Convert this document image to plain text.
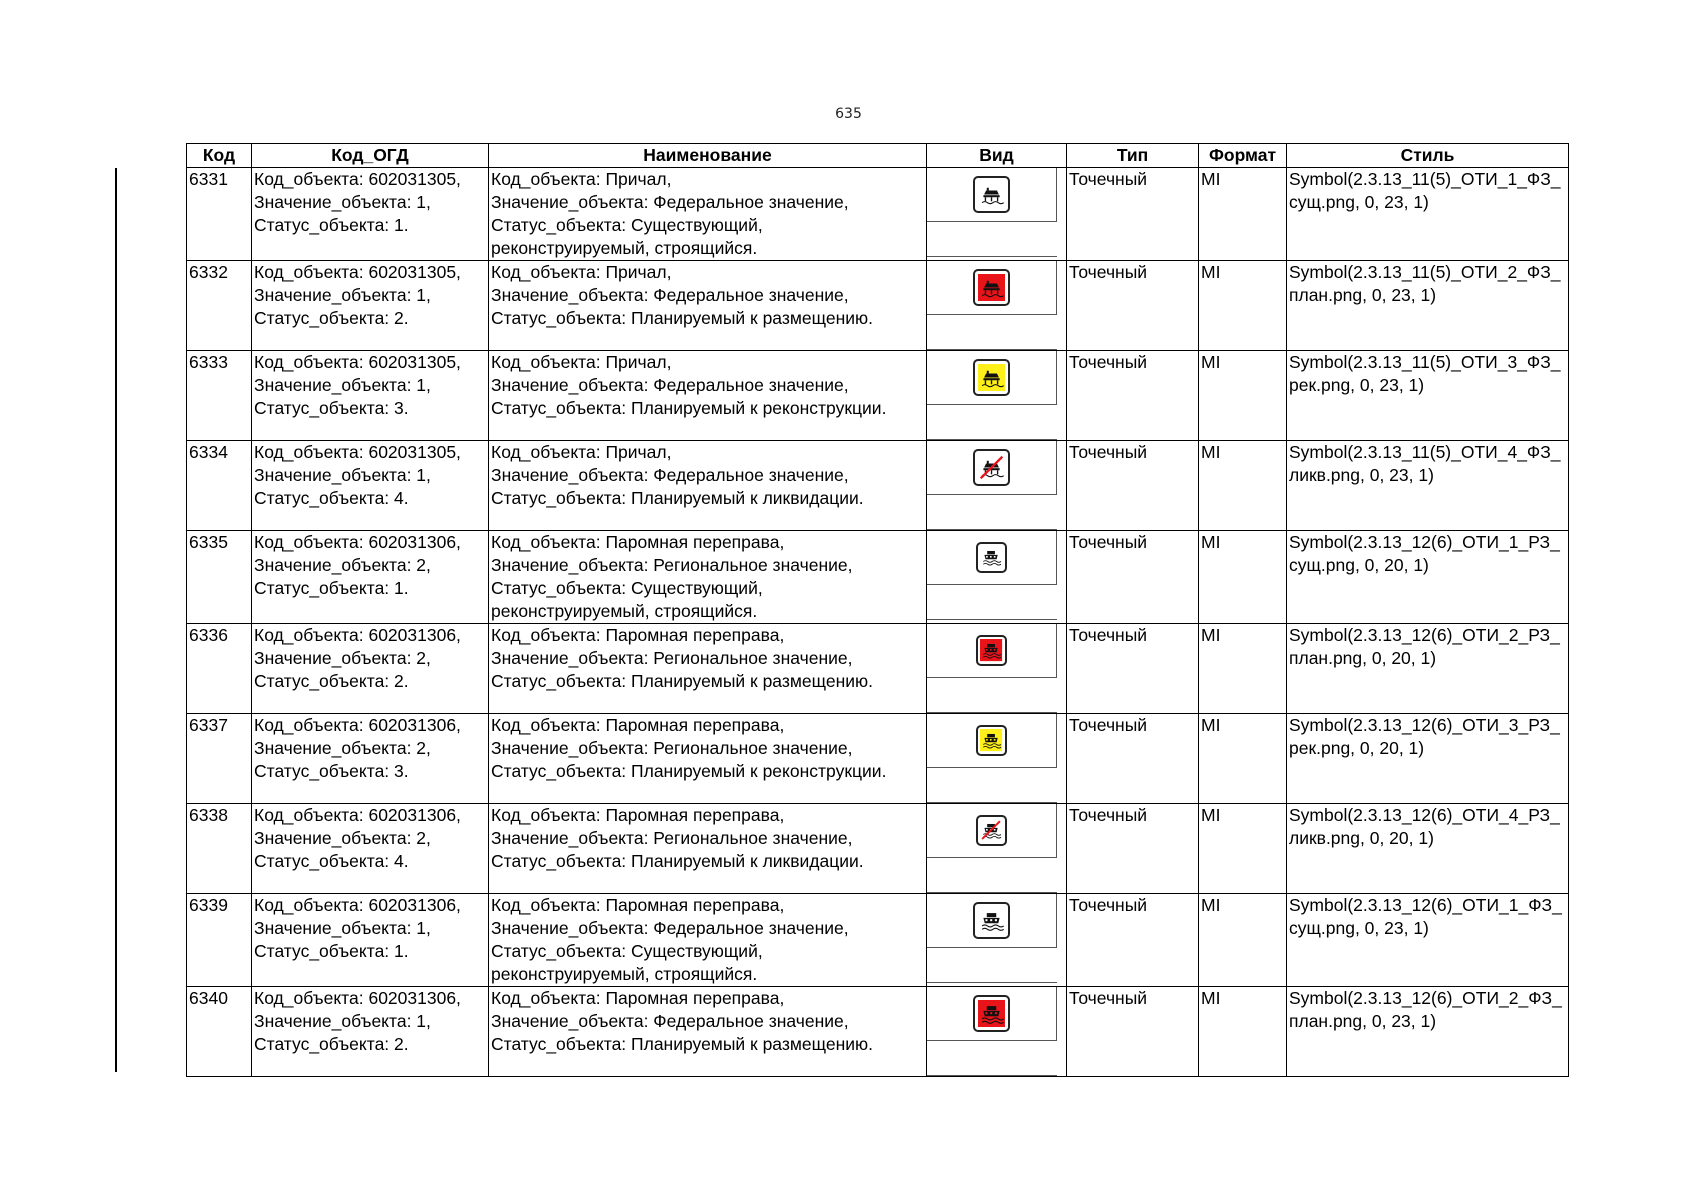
635
Код	Код_ОГД	Наименование	Вид	Тип	Формат	Стиль
6331	Код_объекта: 602031305,
Значение_объекта: 1,
Статус_объекта: 1.	Код_объекта: Причал,
Значение_объекта: Федеральное значение,
Статус_объекта: Существующий,
реконструируемый, строящийся.		Точечный	MI	Symbol(2.3.13_11(5)_ОТИ_1_ФЗ_сущ.png, 0, 23, 1)
6332	Код_объекта: 602031305,
Значение_объекта: 1,
Статус_объекта: 2.	Код_объекта: Причал,
Значение_объекта: Федеральное значение,
Статус_объекта: Планируемый к размещению.		Точечный	MI	Symbol(2.3.13_11(5)_ОТИ_2_ФЗ_план.png, 0, 23, 1)
6333	Код_объекта: 602031305,
Значение_объекта: 1,
Статус_объекта: 3.	Код_объекта: Причал,
Значение_объекта: Федеральное значение,
Статус_объекта: Планируемый к реконструкции.		Точечный	MI	Symbol(2.3.13_11(5)_ОТИ_3_ФЗ_рек.png, 0, 23, 1)
6334	Код_объекта: 602031305,
Значение_объекта: 1,
Статус_объекта: 4.	Код_объекта: Причал,
Значение_объекта: Федеральное значение,
Статус_объекта: Планируемый к ликвидации.		Точечный	MI	Symbol(2.3.13_11(5)_ОТИ_4_ФЗ_ликв.png, 0, 23, 1)
6335	Код_объекта: 602031306,
Значение_объекта: 2,
Статус_объекта: 1.	Код_объекта: Паромная переправа,
Значение_объекта: Региональное значение,
Статус_объекта: Существующий,
реконструируемый, строящийся.		Точечный	MI	Symbol(2.3.13_12(6)_ОТИ_1_РЗ_сущ.png, 0, 20, 1)
6336	Код_объекта: 602031306,
Значение_объекта: 2,
Статус_объекта: 2.	Код_объекта: Паромная переправа,
Значение_объекта: Региональное значение,
Статус_объекта: Планируемый к размещению.		Точечный	MI	Symbol(2.3.13_12(6)_ОТИ_2_РЗ_план.png, 0, 20, 1)
6337	Код_объекта: 602031306,
Значение_объекта: 2,
Статус_объекта: 3.	Код_объекта: Паромная переправа,
Значение_объекта: Региональное значение,
Статус_объекта: Планируемый к реконструкции.		Точечный	MI	Symbol(2.3.13_12(6)_ОТИ_3_РЗ_рек.png, 0, 20, 1)
6338	Код_объекта: 602031306,
Значение_объекта: 2,
Статус_объекта: 4.	Код_объекта: Паромная переправа,
Значение_объекта: Региональное значение,
Статус_объекта: Планируемый к ликвидации.		Точечный	MI	Symbol(2.3.13_12(6)_ОТИ_4_РЗ_ликв.png, 0, 20, 1)
6339	Код_объекта: 602031306,
Значение_объекта: 1,
Статус_объекта: 1.	Код_объекта: Паромная переправа,
Значение_объекта: Федеральное значение,
Статус_объекта: Существующий,
реконструируемый, строящийся.		Точечный	MI	Symbol(2.3.13_12(6)_ОТИ_1_ФЗ_сущ.png, 0, 23, 1)
6340	Код_объекта: 602031306,
Значение_объекта: 1,
Статус_объекта: 2.	Код_объекта: Паромная переправа,
Значение_объекта: Федеральное значение,
Статус_объекта: Планируемый к размещению.		Точечный	MI	Symbol(2.3.13_12(6)_ОТИ_2_ФЗ_план.png, 0, 23, 1)
